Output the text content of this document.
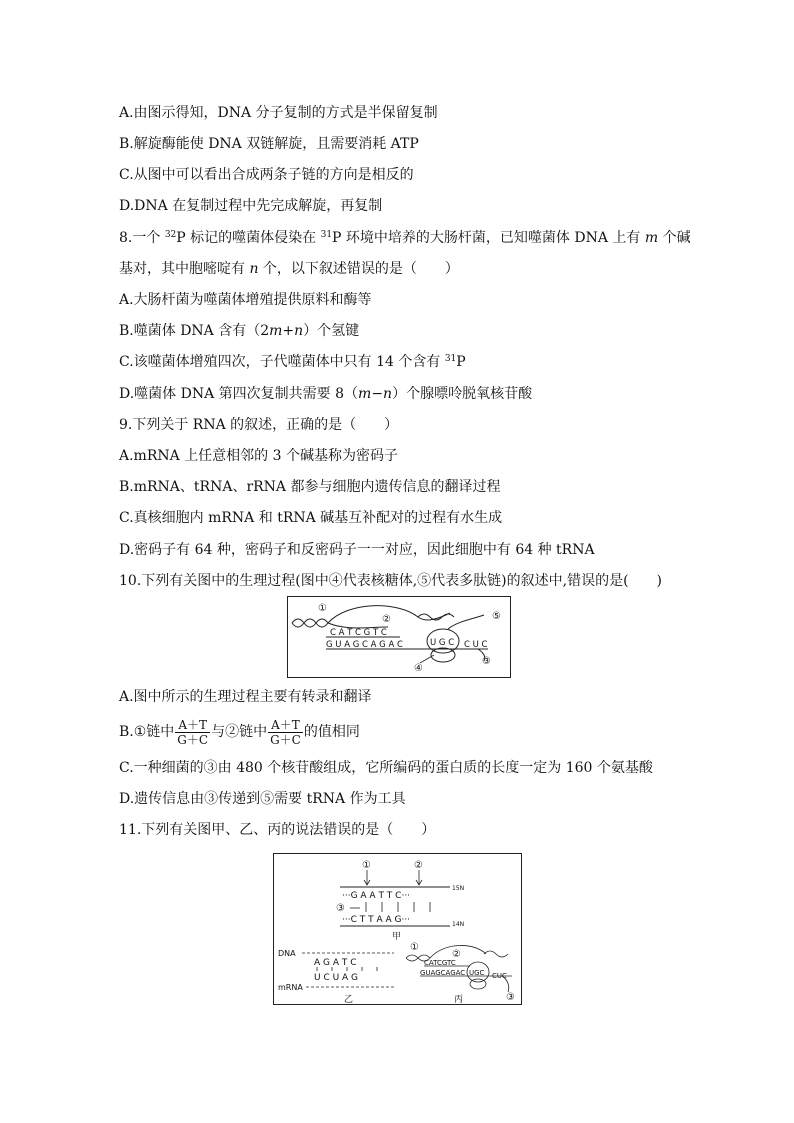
A.由图示得知，DNA 分子复制的方式是半保留复制
B.解旋酶能使 DNA 双链解旋，且需要消耗 ATP
C.从图中可以看出合成两条子链的方向是相反的
D.DNA 在复制过程中先完成解旋，再复制
8.一个 $^{32}$P 标记的噬菌体侵染在 $^{31}$P 环境中培养的大肠杆菌，已知噬菌体 DNA 上有 m 个碱
基对，其中胞嘧啶有 n 个，以下叙述错误的是（　　）
A.大肠杆菌为噬菌体增殖提供原料和酶等
B.噬菌体 DNA 含有（2m+n）个氢键
C.该噬菌体增殖四次，子代噬菌体中只有 14 个含有 $^{31}$P
D.噬菌体 DNA 第四次复制共需要 8（m−n）个腺嘌呤脱氧核苷酸
9.下列关于 RNA 的叙述，正确的是（　　）
A.mRNA 上任意相邻的 3 个碱基称为密码子
B.mRNA、tRNA、rRNA 都参与细胞内遗传信息的翻译过程
C.真核细胞内 mRNA 和 tRNA 碱基互补配对的过程有水生成
D.密码子有 64 种，密码子和反密码子一一对应，因此细胞中有 64 种 tRNA
10.下列有关图中的生理过程(图中④代表核糖体,⑤代表多肽链)的叙述中,错误的是(　　)
C A T C G T C
G U A G C A G A C	U G C C U C
①
②
③
④
⑤
A.图中所示的生理过程主要有转录和翻译
B.①链中 $\frac{A+T}{G+C}$ 与②链中 $\frac{A+T}{G+C}$ 的值相同
C.一种细菌的③由 480 个核苷酸组成，它所编码的蛋白质的长度一定为 160 个氨基酸
D.遗传信息由③传递到⑤需要 tRNA 作为工具
11.下列有关图甲、乙、丙的说法错误的是（　　）
①	②
···G A A T T C···
15N
③
···C T T A A G···	14N
甲
DNA
A G A T C
U C U A G
mRNA
乙
①
②
CATCGTC
GUAGCAGAC UGC CUC
③
丙
